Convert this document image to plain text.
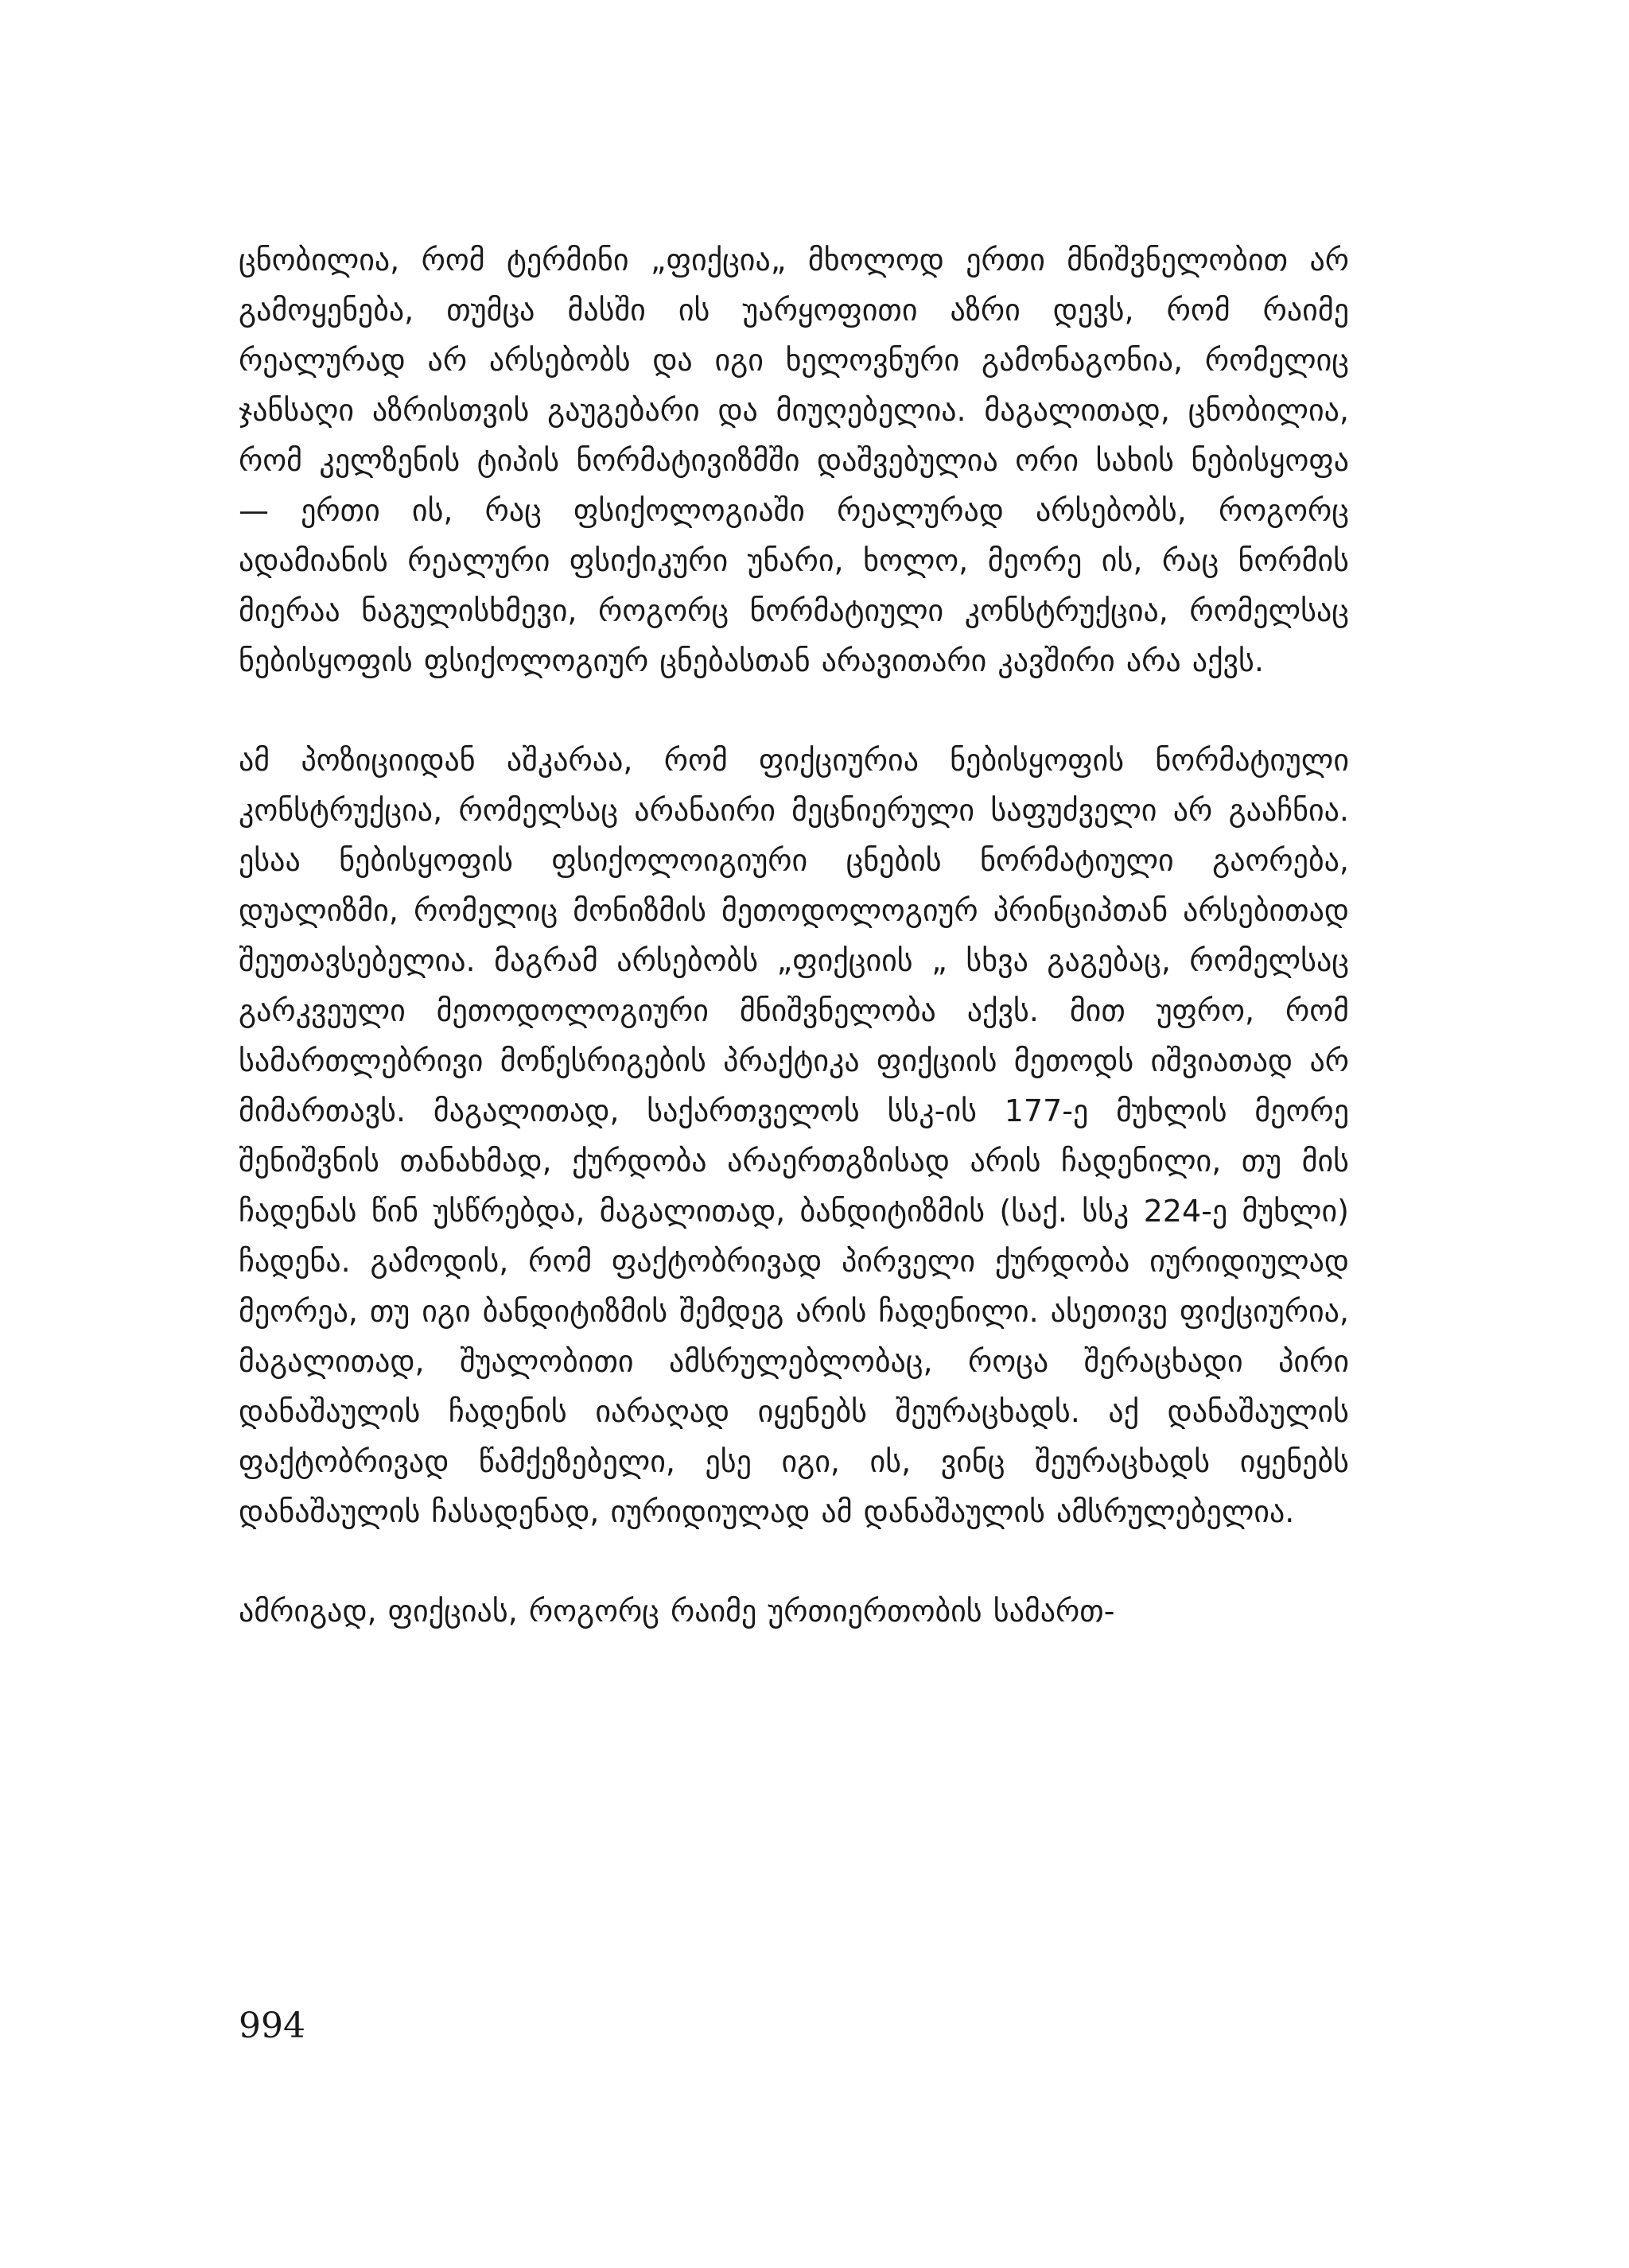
ცნობილია, რომ ტერმინი „ფიქცია„ მხოლოდ ერთი მნიშვნელობით არ გამოყენება, თუმცა მასში ის უარყოფითი აზრი დევს, რომ რაიმე რეალურად არ არსებობს და იგი ხელოვნური გამონაგონია, რომელიც ჯანსაღი აზრისთვის გაუგებარი და მიუღებელია. მაგალითად, ცნობილია, რომ კელზენის ტიპის ნორმატივიზმში დაშვებულია ორი სახის ნებისყოფა — ერთი ის, რაც ფსიქოლოგიაში რეალურად არსებობს, როგორც ადამიანის რეალური ფსიქიკური უნარი, ხოლო, მეორე ის, რაც ნორმის მიერაა ნაგულისხმევი, როგორც ნორმატიული კონსტრუქცია, რომელსაც ნებისყოფის ფსიქოლოგიურ ცნებასთან არავითარი კავშირი არა აქვს.

ამ პოზიციიდან აშკარაა, რომ ფიქციურია ნებისყოფის ნორმატიული კონსტრუქცია, რომელსაც არანაირი მეცნიერული საფუძველი არ გააჩნია. ესაა ნებისყოფის ფსიქოლოიგიური ცნების ნორმატიული გაორება, დუალიზმი, რომელიც მონიზმის მეთოდოლოგიურ პრინციპთან არსებითად შეუთავსებელია. მაგრამ არსებობს „ფიქციის „ სხვა გაგებაც, რომელსაც გარკვეული მეთოდოლოგიური მნიშვნელობა აქვს. მით უფრო, რომ სამართლებრივი მოწესრიგების პრაქტიკა ფიქციის მეთოდს იშვიათად არ მიმართავს. მაგალითად, საქართველოს სსკ-ის 177-ე მუხლის მეორე შენიშვნის თანახმად, ქურდობა არაერთგზისად არის ჩადენილი, თუ მის ჩადენას წინ უსწრებდა, მაგალითად, ბანდიტიზმის (საქ. სსკ 224-ე მუხლი) ჩადენა. გამოდის, რომ ფაქტობრივად პირველი ქურდობა იურიდიულად მეორეა, თუ იგი ბანდიტიზმის შემდეგ არის ჩადენილი. ასეთივე ფიქციურია, მაგალითად, შუალობითი ამსრულებლობაც, როცა შერაცხადი პირი დანაშაულის ჩადენის იარაღად იყენებს შეურაცხადს. აქ დანაშაულის ფაქტობრივად წამქეზებელი, ესე იგი, ის, ვინც შეურაცხადს იყენებს დანაშაულის ჩასადენად, იურიდიულად ამ დანაშაულის ამსრულებელია.

ამრიგად, ფიქციას, როგორც რაიმე ურთიერთობის სამართ-

994
